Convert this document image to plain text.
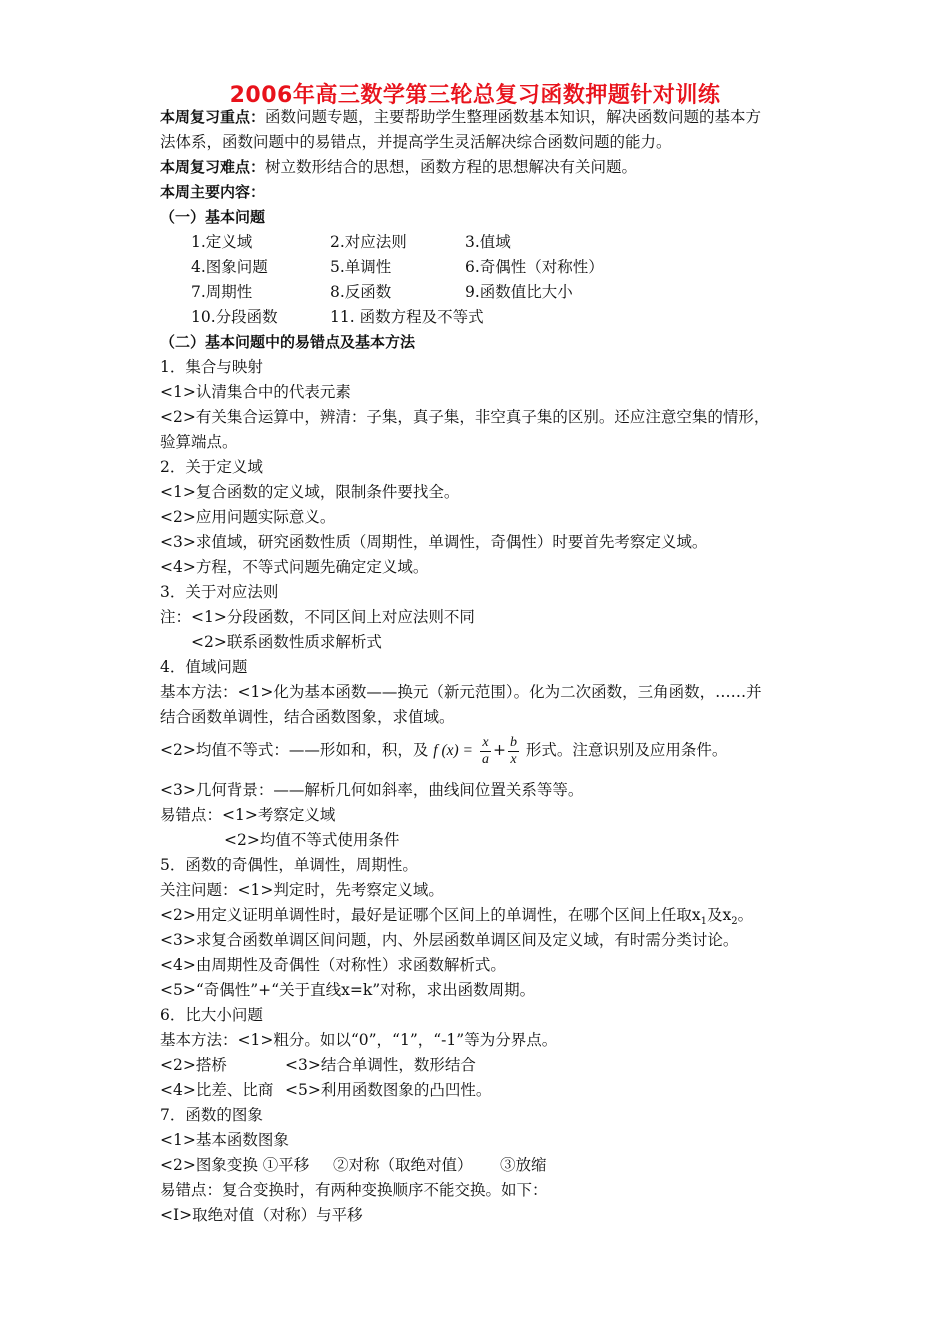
2006年高三数学第三轮总复习函数押题针对训练
本周复习重点：函数问题专题，主要帮助学生整理函数基本知识，解决函数问题的基本方
法体系，函数问题中的易错点，并提高学生灵活解决综合函数问题的能力。
本周复习难点：树立数形结合的思想，函数方程的思想解决有关问题。
本周主要内容：
（一）基本问题
1.定义域	2.对应法则	3.值域
4.图象问题	5.单调性	6.奇偶性（对称性）
7.周期性	8.反函数	9.函数值比大小
10.分段函数	11. 函数方程及不等式
（二）基本问题中的易错点及基本方法
1．集合与映射
<1>认清集合中的代表元素
<2>有关集合运算中，辨清：子集，真子集，非空真子集的区别。还应注意空集的情形，
验算端点。
2．关于定义域
<1>复合函数的定义域，限制条件要找全。
<2>应用问题实际意义。
<3>求值域，研究函数性质（周期性，单调性，奇偶性）时要首先考察定义域。
<4>方程，不等式问题先确定定义域。
3．关于对应法则
注：<1>分段函数，不同区间上对应法则不同
<2>联系函数性质求解析式
4．值域问题
基本方法：<1>化为基本函数——换元（新元范围）。化为二次函数，三角函数，……并
结合函数单调性，结合函数图象，求值域。
<2>均值不等式：——形如和，积，及 f $(x) = \frac{x}{a} + \frac{b}{x}$ 形式。注意识别及应用条件。
<3>几何背景：——解析几何如斜率，曲线间位置关系等等。
易错点：<1>考察定义域
<2>均值不等式使用条件
5．函数的奇偶性，单调性，周期性。
关注问题：<1>判定时，先考察定义域。
<2>用定义证明单调性时，最好是证哪个区间上的单调性，在哪个区间上任取$x_1$及$x_2$。
<3>求复合函数单调区间问题，内、外层函数单调区间及定义域，有时需分类讨论。
<4>由周期性及奇偶性（对称性）求函数解析式。
<5>“奇偶性”+“关于直线x=k”对称，求出函数周期。
6．比大小问题
基本方法：<1>粗分。如以“0”，“1”，“-1”等为分界点。
<2>搭桥	<3>结合单调性，数形结合
<4>比差、比商 <5>利用函数图象的凸凹性。
7．函数的图象
<1>基本函数图象
<2>图象变换 ①平移 ②对称（取绝对值） ③放缩
易错点：复合变换时，有两种变换顺序不能交换。如下：
<I>取绝对值（对称）与平移
